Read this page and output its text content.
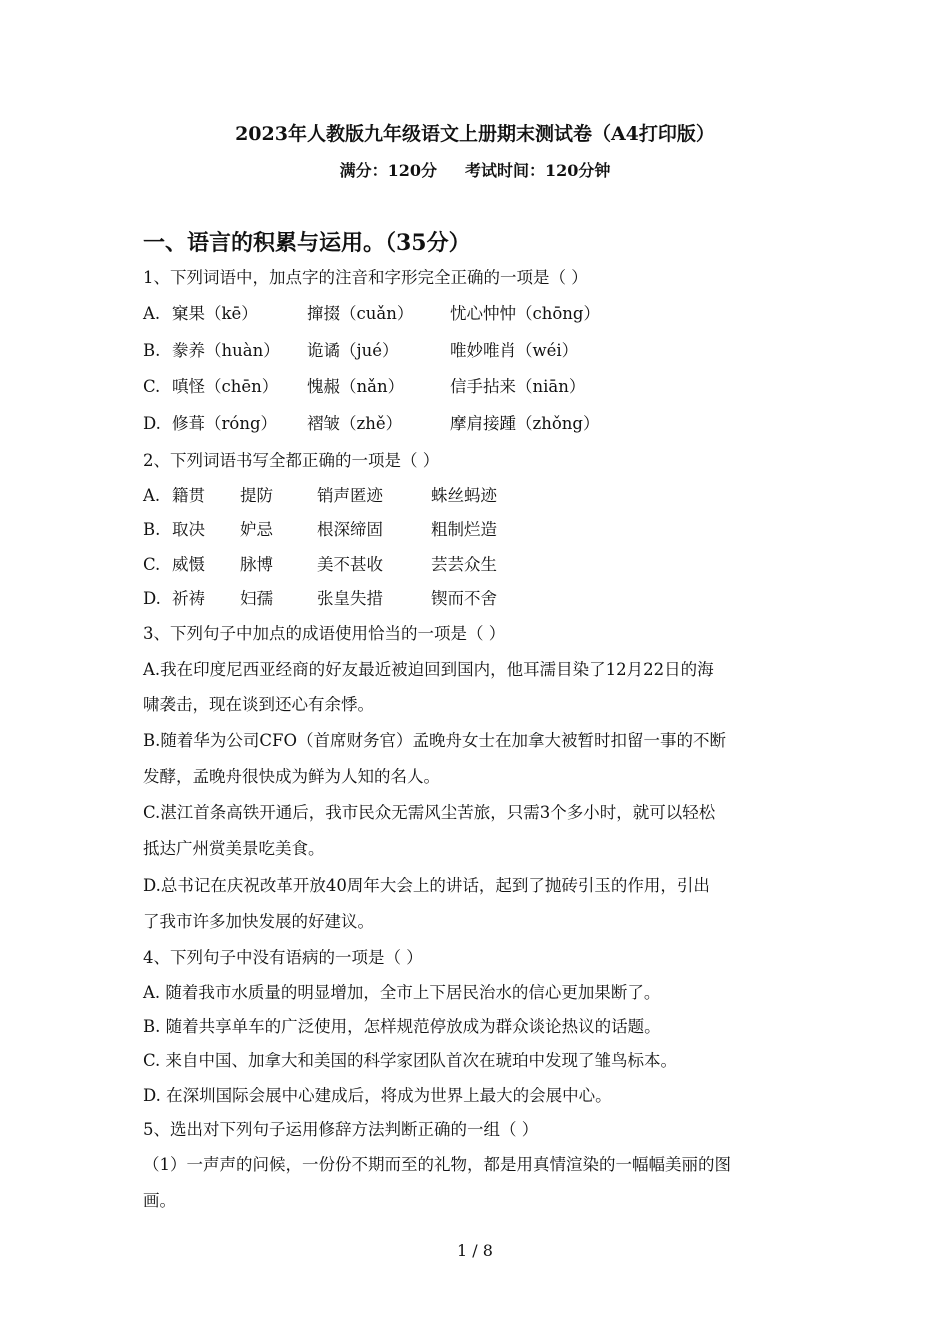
2023年人教版九年级语文上册期末测试卷（A4打印版）
满分：120分 考试时间：120分钟
一、语言的积累与运用。（35分）
1、下列词语中，加点字的注音和字形完全正确的一项是（ ）
A. 窠果（kē）	撺掇（cuǎn） 忧心忡忡（chōng）
B. 豢养（huàn） 诡谲（jué）	唯妙唯肖（wéi）
C. 嗔怪（chēn） 愧赧（nǎn）	信手拈来（niān）
D. 修葺（róng） 褶皱（zhě）	摩肩接踵（zhǒng）
2、下列词语书写全都正确的一项是（ ）
A. 籍贯 提防	销声匿迹	蛛丝蚂迹
B. 取决 妒忌	根深缔固	粗制烂造
C. 威慑 脉博	美不甚收	芸芸众生
D. 祈祷 妇孺	张皇失措	锲而不舍
3、下列句子中加点的成语使用恰当的一项是（ ）
A.我在印度尼西亚经商的好友最近被迫回到国内，他耳濡目染了12月22日的海
啸袭击，现在谈到还心有余悸。
B.随着华为公司CFO（首席财务官）孟晚舟女士在加拿大被暂时扣留一事的不断
发酵，孟晚舟很快成为鲜为人知的名人。
C.湛江首条高铁开通后，我市民众无需风尘苦旅，只需3个多小时，就可以轻松
抵达广州赏美景吃美食。
D.总书记在庆祝改革开放40周年大会上的讲话，起到了抛砖引玉的作用，引出
了我市许多加快发展的好建议。
4、下列句子中没有语病的一项是（ ）
A. 随着我市水质量的明显增加，全市上下居民治水的信心更加果断了。
B. 随着共享单车的广泛使用，怎样规范停放成为群众谈论热议的话题。
C. 来自中国、加拿大和美国的科学家团队首次在琥珀中发现了雏鸟标本。
D. 在深圳国际会展中心建成后，将成为世界上最大的会展中心。
5、选出对下列句子运用修辞方法判断正确的一组（ ）
（1）一声声的问候，一份份不期而至的礼物，都是用真情渲染的一幅幅美丽的图
画。
1 / 8
